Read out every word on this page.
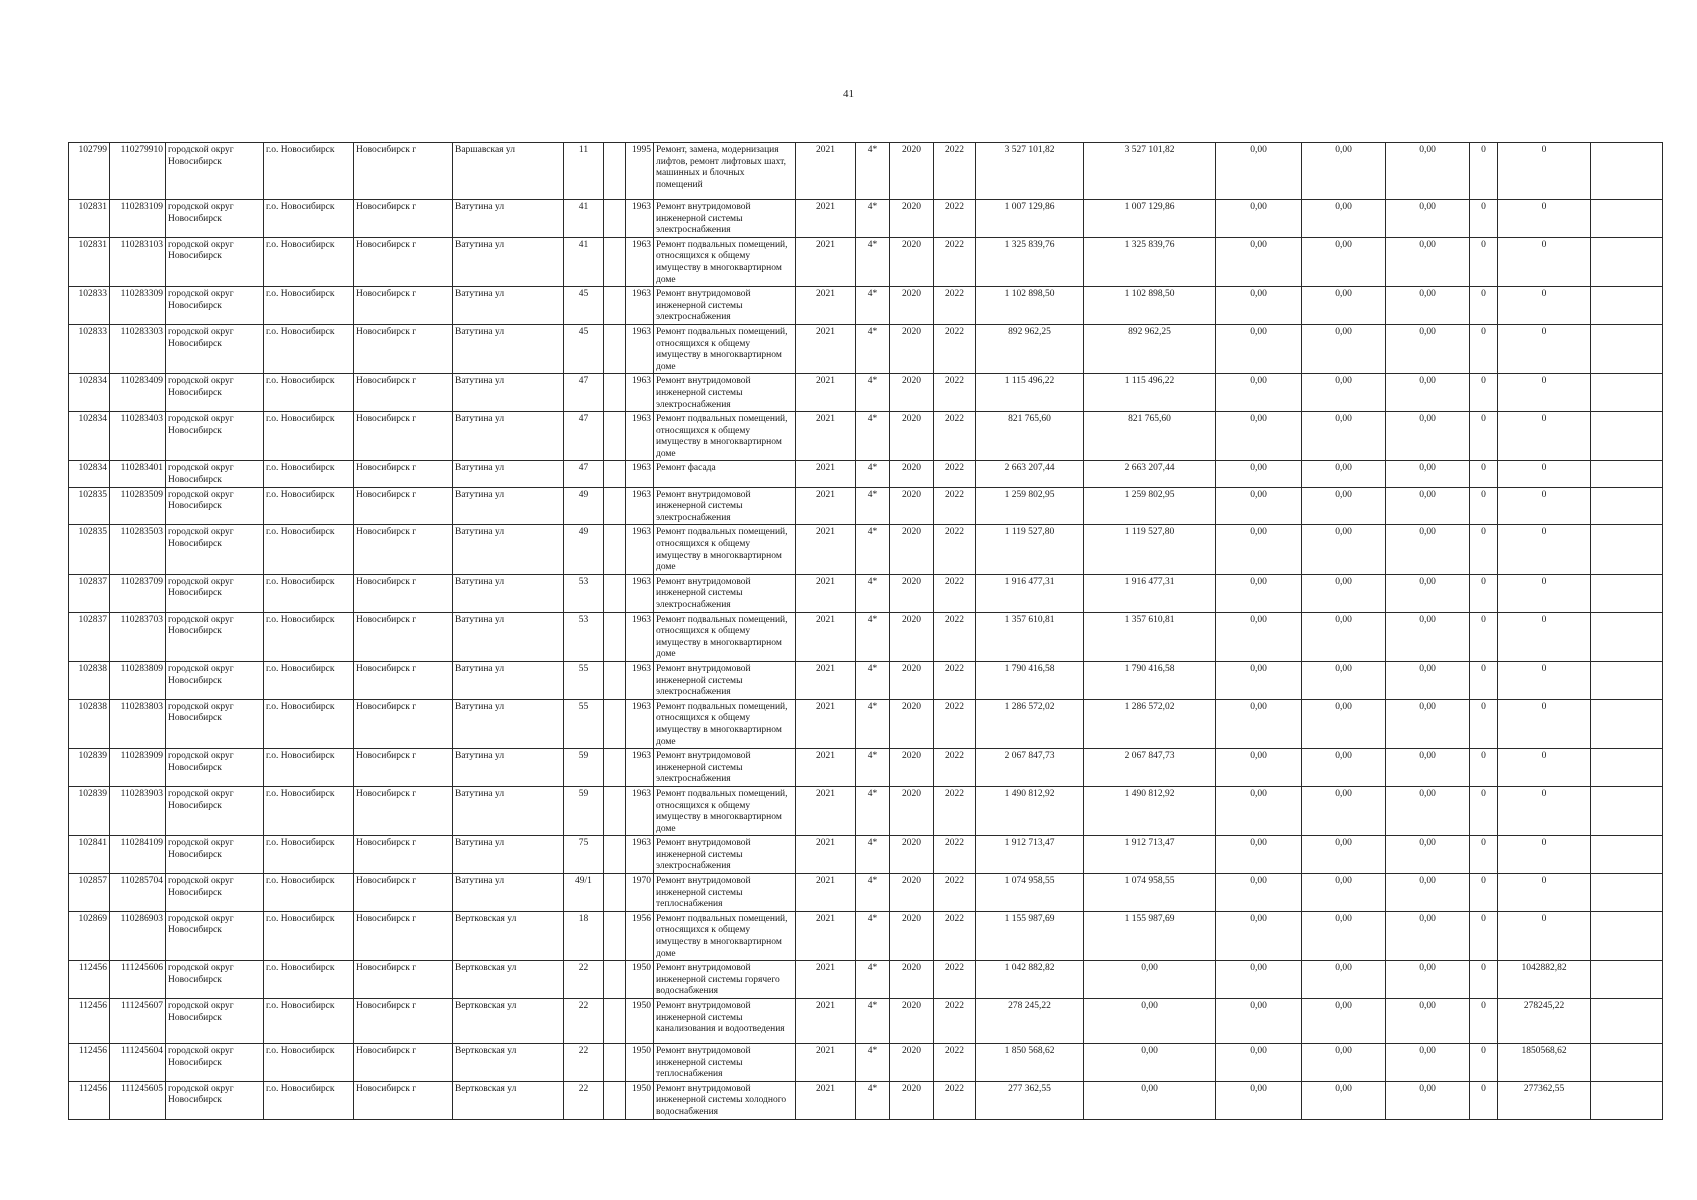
41
102799	110279910	городской округ Новосибирск	г.о. Новосибирск	Новосибирск г	Варшавская ул	11		1995	Ремонт, замена, модернизация лифтов, ремонт лифтовых шахт, машинных и блочных помещений	2021	4*	2020	2022	3 527 101,82	3 527 101,82	0,00	0,00	0,00	0	0	
102831	110283109	городской округ Новосибирск	г.о. Новосибирск	Новосибирск г	Ватутина ул	41		1963	Ремонт внутридомовой инженерной системы электроснабжения	2021	4*	2020	2022	1 007 129,86	1 007 129,86	0,00	0,00	0,00	0	0	
102831	110283103	городской округ Новосибирск	г.о. Новосибирск	Новосибирск г	Ватутина ул	41		1963	Ремонт подвальных помещений, относящихся к общему имуществу в многоквартирном доме	2021	4*	2020	2022	1 325 839,76	1 325 839,76	0,00	0,00	0,00	0	0	
102833	110283309	городской округ Новосибирск	г.о. Новосибирск	Новосибирск г	Ватутина ул	45		1963	Ремонт внутридомовой инженерной системы электроснабжения	2021	4*	2020	2022	1 102 898,50	1 102 898,50	0,00	0,00	0,00	0	0	
102833	110283303	городской округ Новосибирск	г.о. Новосибирск	Новосибирск г	Ватутина ул	45		1963	Ремонт подвальных помещений, относящихся к общему имуществу в многоквартирном доме	2021	4*	2020	2022	892 962,25	892 962,25	0,00	0,00	0,00	0	0	
102834	110283409	городской округ Новосибирск	г.о. Новосибирск	Новосибирск г	Ватутина ул	47		1963	Ремонт внутридомовой инженерной системы электроснабжения	2021	4*	2020	2022	1 115 496,22	1 115 496,22	0,00	0,00	0,00	0	0	
102834	110283403	городской округ Новосибирск	г.о. Новосибирск	Новосибирск г	Ватутина ул	47		1963	Ремонт подвальных помещений, относящихся к общему имуществу в многоквартирном доме	2021	4*	2020	2022	821 765,60	821 765,60	0,00	0,00	0,00	0	0	
102834	110283401	городской округ Новосибирск	г.о. Новосибирск	Новосибирск г	Ватутина ул	47		1963	Ремонт фасада	2021	4*	2020	2022	2 663 207,44	2 663 207,44	0,00	0,00	0,00	0	0	
102835	110283509	городской округ Новосибирск	г.о. Новосибирск	Новосибирск г	Ватутина ул	49		1963	Ремонт внутридомовой инженерной системы электроснабжения	2021	4*	2020	2022	1 259 802,95	1 259 802,95	0,00	0,00	0,00	0	0	
102835	110283503	городской округ Новосибирск	г.о. Новосибирск	Новосибирск г	Ватутина ул	49		1963	Ремонт подвальных помещений, относящихся к общему имуществу в многоквартирном доме	2021	4*	2020	2022	1 119 527,80	1 119 527,80	0,00	0,00	0,00	0	0	
102837	110283709	городской округ Новосибирск	г.о. Новосибирск	Новосибирск г	Ватутина ул	53		1963	Ремонт внутридомовой инженерной системы электроснабжения	2021	4*	2020	2022	1 916 477,31	1 916 477,31	0,00	0,00	0,00	0	0	
102837	110283703	городской округ Новосибирск	г.о. Новосибирск	Новосибирск г	Ватутина ул	53		1963	Ремонт подвальных помещений, относящихся к общему имуществу в многоквартирном доме	2021	4*	2020	2022	1 357 610,81	1 357 610,81	0,00	0,00	0,00	0	0	
102838	110283809	городской округ Новосибирск	г.о. Новосибирск	Новосибирск г	Ватутина ул	55		1963	Ремонт внутридомовой инженерной системы электроснабжения	2021	4*	2020	2022	1 790 416,58	1 790 416,58	0,00	0,00	0,00	0	0	
102838	110283803	городской округ Новосибирск	г.о. Новосибирск	Новосибирск г	Ватутина ул	55		1963	Ремонт подвальных помещений, относящихся к общему имуществу в многоквартирном доме	2021	4*	2020	2022	1 286 572,02	1 286 572,02	0,00	0,00	0,00	0	0	
102839	110283909	городской округ Новосибирск	г.о. Новосибирск	Новосибирск г	Ватутина ул	59		1963	Ремонт внутридомовой инженерной системы электроснабжения	2021	4*	2020	2022	2 067 847,73	2 067 847,73	0,00	0,00	0,00	0	0	
102839	110283903	городской округ Новосибирск	г.о. Новосибирск	Новосибирск г	Ватутина ул	59		1963	Ремонт подвальных помещений, относящихся к общему имуществу в многоквартирном доме	2021	4*	2020	2022	1 490 812,92	1 490 812,92	0,00	0,00	0,00	0	0	
102841	110284109	городской округ Новосибирск	г.о. Новосибирск	Новосибирск г	Ватутина ул	75		1963	Ремонт внутридомовой инженерной системы электроснабжения	2021	4*	2020	2022	1 912 713,47	1 912 713,47	0,00	0,00	0,00	0	0	
102857	110285704	городской округ Новосибирск	г.о. Новосибирск	Новосибирск г	Ватутина ул	49/1		1970	Ремонт внутридомовой инженерной системы теплоснабжения	2021	4*	2020	2022	1 074 958,55	1 074 958,55	0,00	0,00	0,00	0	0	
102869	110286903	городской округ Новосибирск	г.о. Новосибирск	Новосибирск г	Вертковская ул	18		1956	Ремонт подвальных помещений, относящихся к общему имуществу в многоквартирном доме	2021	4*	2020	2022	1 155 987,69	1 155 987,69	0,00	0,00	0,00	0	0	
112456	111245606	городской округ Новосибирск	г.о. Новосибирск	Новосибирск г	Вертковская ул	22		1950	Ремонт внутридомовой инженерной системы горячего водоснабжения	2021	4*	2020	2022	1 042 882,82	0,00	0,00	0,00	0,00	0	1042882,82	
112456	111245607	городской округ Новосибирск	г.о. Новосибирск	Новосибирск г	Вертковская ул	22		1950	Ремонт внутридомовой инженерной системы канализования и водоотведения	2021	4*	2020	2022	278 245,22	0,00	0,00	0,00	0,00	0	278245,22	
112456	111245604	городской округ Новосибирск	г.о. Новосибирск	Новосибирск г	Вертковская ул	22		1950	Ремонт внутридомовой инженерной системы теплоснабжения	2021	4*	2020	2022	1 850 568,62	0,00	0,00	0,00	0,00	0	1850568,62	
112456	111245605	городской округ Новосибирск	г.о. Новосибирск	Новосибирск г	Вертковская ул	22		1950	Ремонт внутридомовой инженерной системы холодного водоснабжения	2021	4*	2020	2022	277 362,55	0,00	0,00	0,00	0,00	0	277362,55	
